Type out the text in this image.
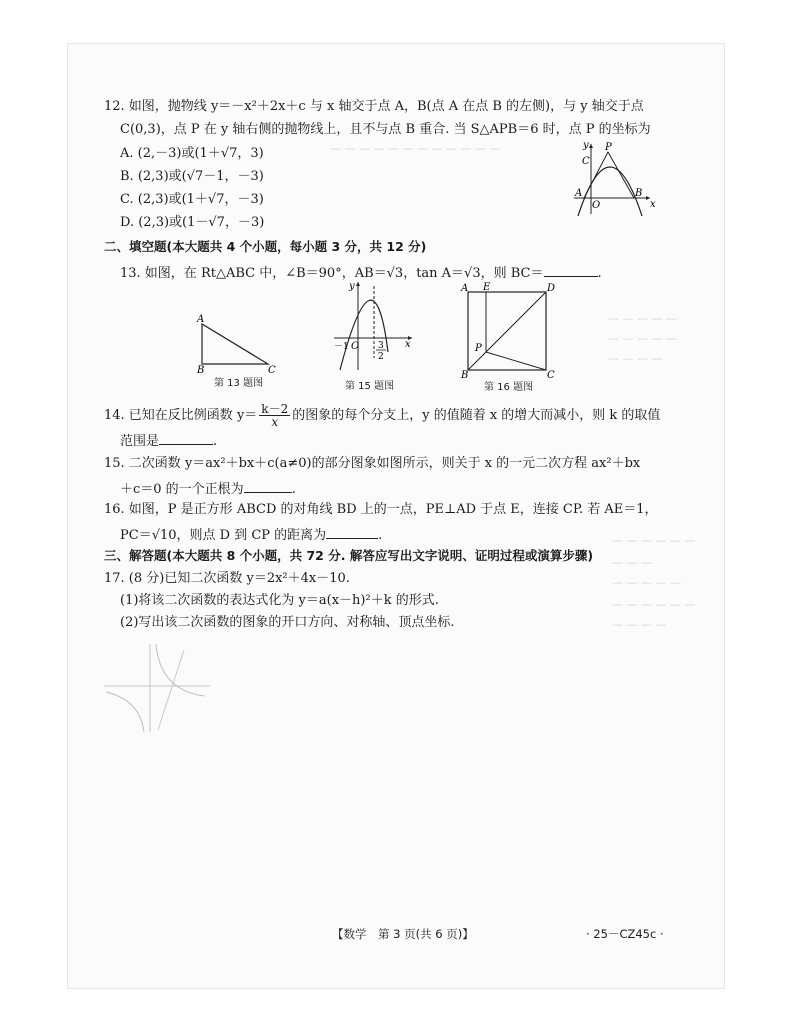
— — — — — — — — — — — —
— — — — —
— — — — —
— — — —
— — — — — —
— — —
— — — — —
— — — — — —
— — — —
12. 如图，抛物线 y＝－x²＋2x＋c 与 x 轴交于点 A，B(点 A 在点 B 的左侧)，与 y 轴交于点
C(0,3)，点 P 在 y 轴右侧的抛物线上，且不与点 B 重合. 当 S△APB＝6 时，点 P 的坐标为
A. (2,－3)或(1＋√7，3)
B. (2,3)或(√7－1，－3)
C. (2,3)或(1＋√7，－3)
D. (2,3)或(1－√7，－3)
P
C
A
O
B
x
y
二、填空题(本大题共 4 个小题，每小题 3 分，共 12 分)
13. 如图，在 Rt△ABC 中，∠B＝90°，AB＝√3，tan A＝√3，则 BC＝	.
A
B	C
第 13 题图
y
－1 O 3
2
x
第 15 题图
A E	D
P
B	C
第 16 题图
14. 已知在反比例函数 $y= \frac{k-2}{x}$ 的图象的每个分支上，y 的值随着 x 的增大而减小，则 k 的取值
范围是	.
15. 二次函数 y＝ax²＋bx＋c(a≠0)的部分图象如图所示，则关于 x 的一元二次方程 ax²＋bx
＋c＝0 的一个正根为	.
16. 如图，P 是正方形 ABCD 的对角线 BD 上的一点，PE⊥AD 于点 E，连接 CP. 若 AE＝1，
PC＝√10，则点 D 到 CP 的距离为	.
三、解答题(本大题共 8 个小题，共 72 分. 解答应写出文字说明、证明过程或演算步骤)
17. (8 分)已知二次函数 y＝2x²＋4x－10.
(1)将该二次函数的表达式化为 y＝a(x－h)²＋k 的形式.
(2)写出该二次函数的图象的开口方向、对称轴、顶点坐标.
【数学　第 3 页(共 6 页)】	· 25－CZ45c ·
